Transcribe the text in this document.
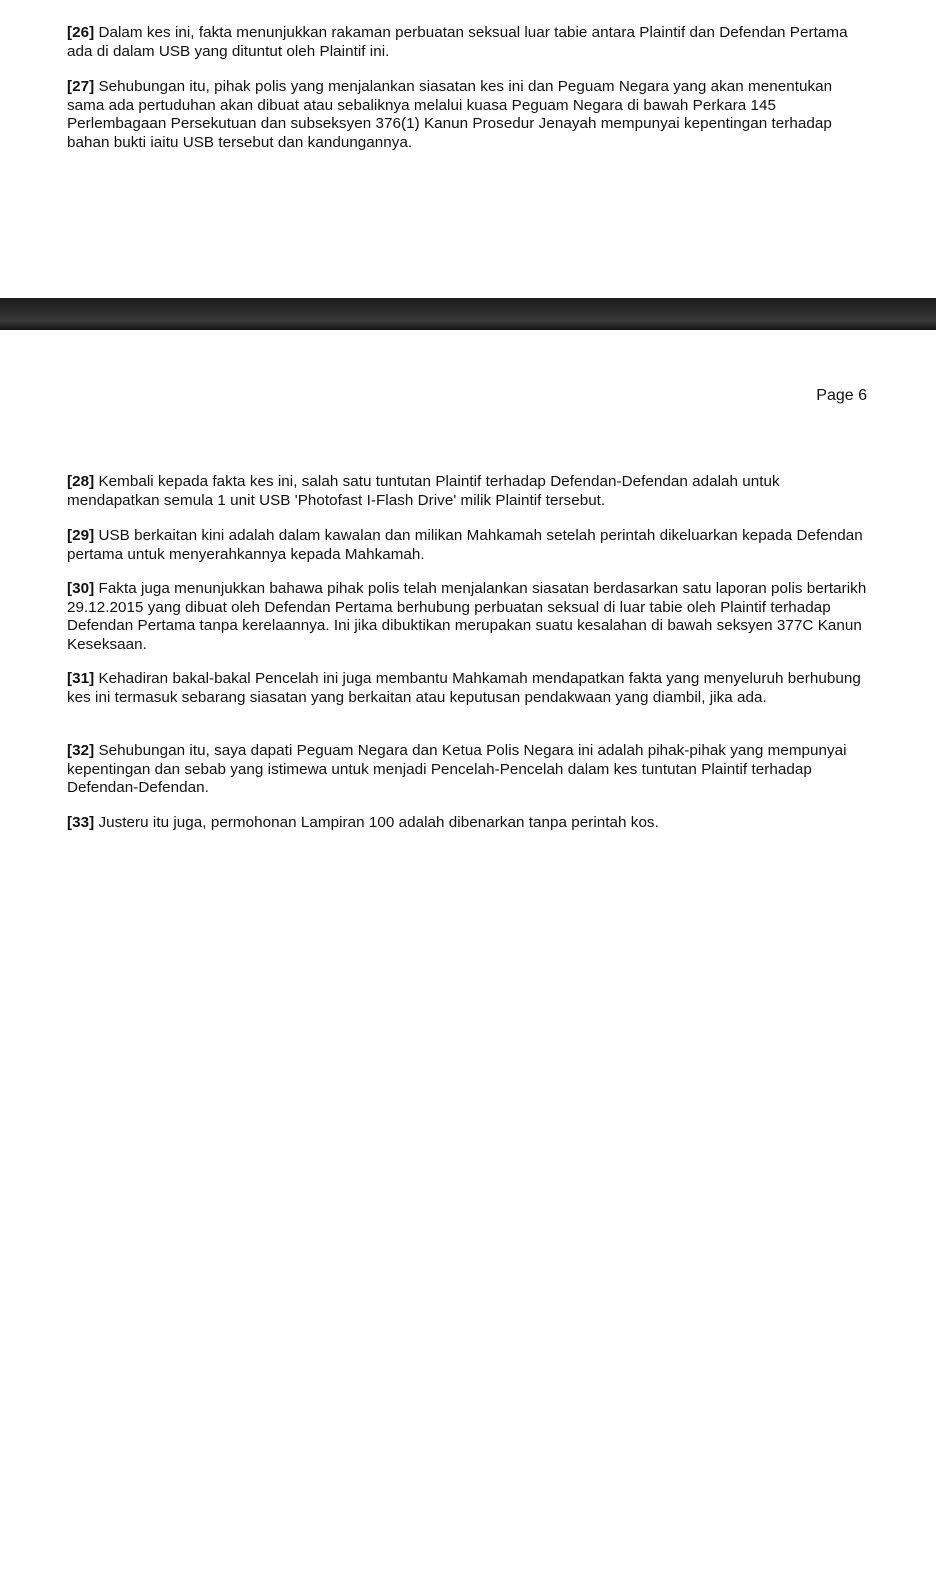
[26] Dalam kes ini, fakta menunjukkan rakaman perbuatan seksual luar tabie antara Plaintif dan Defendan Pertama ada di dalam USB yang dituntut oleh Plaintif ini.

[27] Sehubungan itu, pihak polis yang menjalankan siasatan kes ini dan Peguam Negara yang akan menentukan sama ada pertuduhan akan dibuat atau sebaliknya melalui kuasa Peguam Negara di bawah Perkara 145 Perlembagaan Persekutuan dan subseksyen 376(1) Kanun Prosedur Jenayah mempunyai kepentingan terhadap bahan bukti iaitu USB tersebut dan kandungannya.

Page 6

[28] Kembali kepada fakta kes ini, salah satu tuntutan Plaintif terhadap Defendan-Defendan adalah untuk mendapatkan semula 1 unit USB 'Photofast I-Flash Drive' milik Plaintif tersebut.

[29] USB berkaitan kini adalah dalam kawalan dan milikan Mahkamah setelah perintah dikeluarkan kepada Defendan pertama untuk menyerahkannya kepada Mahkamah.

[30] Fakta juga menunjukkan bahawa pihak polis telah menjalankan siasatan berdasarkan satu laporan polis bertarikh 29.12.2015 yang dibuat oleh Defendan Pertama berhubung perbuatan seksual di luar tabie oleh Plaintif terhadap Defendan Pertama tanpa kerelaannya. Ini jika dibuktikan merupakan suatu kesalahan di bawah seksyen 377C Kanun Keseksaan.

[31] Kehadiran bakal-bakal Pencelah ini juga membantu Mahkamah mendapatkan fakta yang menyeluruh berhubung kes ini termasuk sebarang siasatan yang berkaitan atau keputusan pendakwaan yang diambil, jika ada.

[32] Sehubungan itu, saya dapati Peguam Negara dan Ketua Polis Negara ini adalah pihak-pihak yang mempunyai kepentingan dan sebab yang istimewa untuk menjadi Pencelah-Pencelah dalam kes tuntutan Plaintif terhadap Defendan-Defendan.

[33] Justeru itu juga, permohonan Lampiran 100 adalah dibenarkan tanpa perintah kos.
